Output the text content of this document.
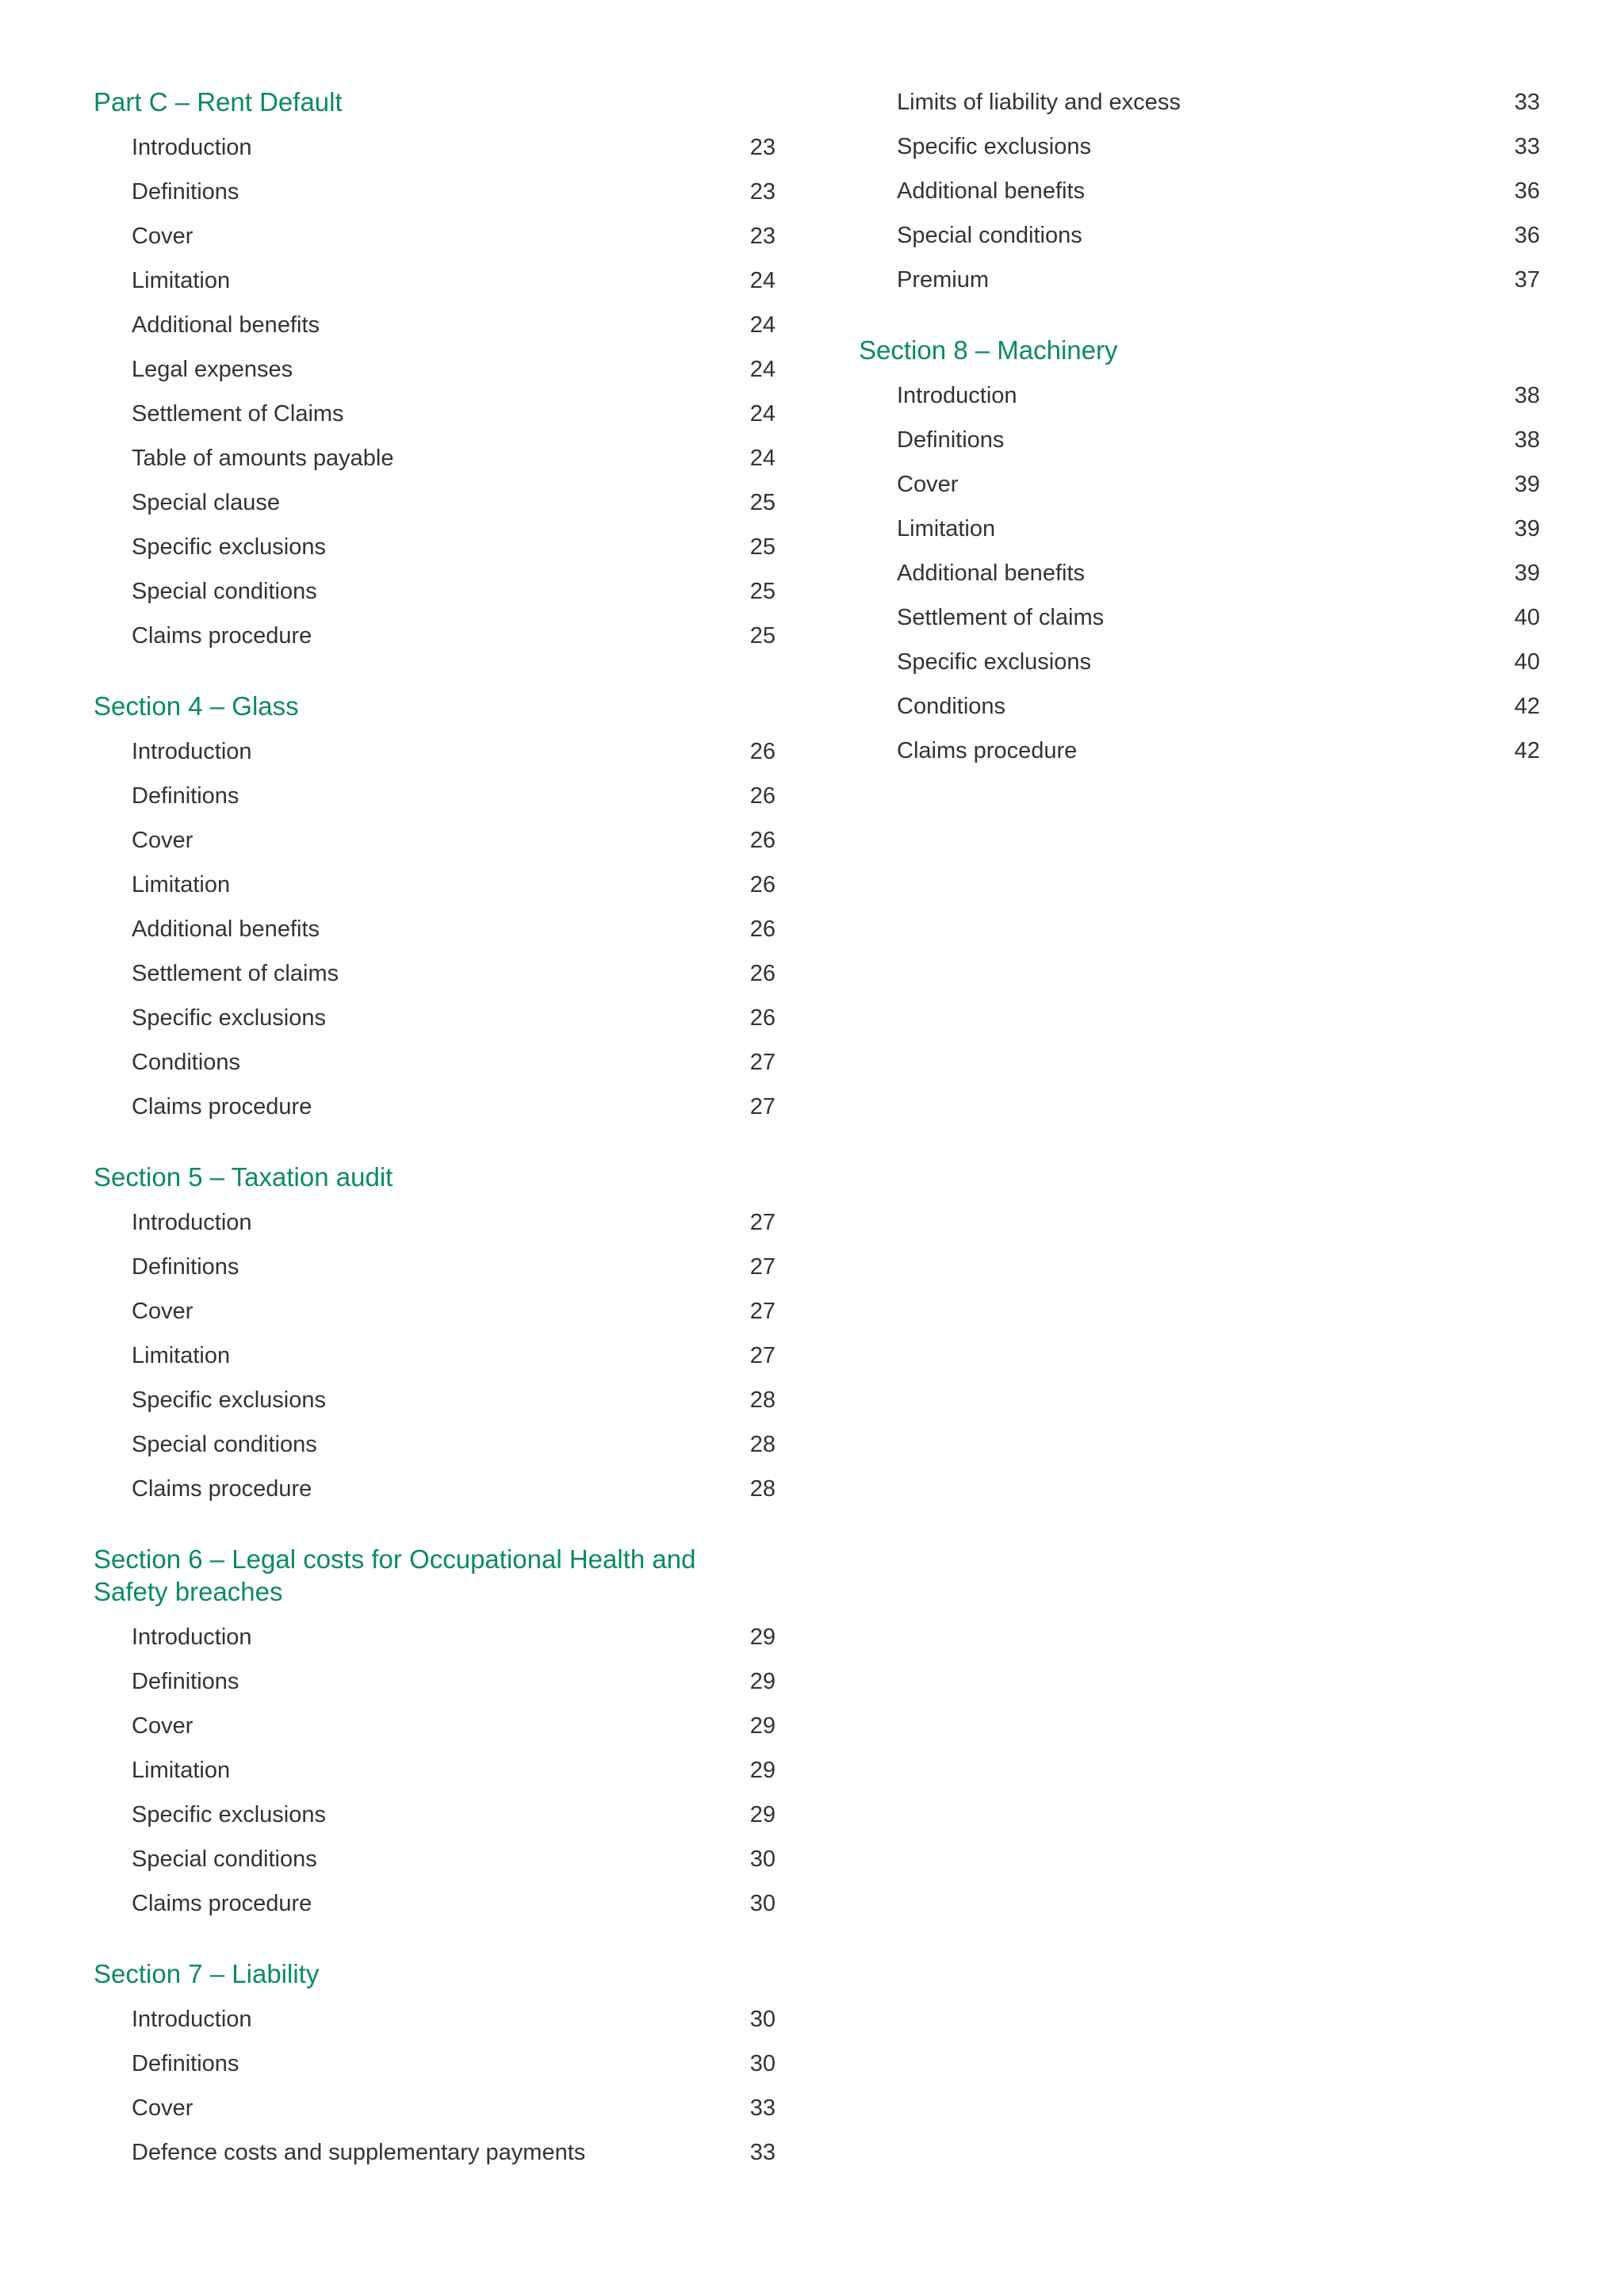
Part C – Rent Default
Introduction	23
Definitions	23
Cover	23
Limitation	24
Additional benefits	24
Legal expenses	24
Settlement of Claims	24
Table of amounts payable	24
Special clause	25
Specific exclusions	25
Special conditions	25
Claims procedure	25
Section 4 – Glass
Introduction	26
Definitions	26
Cover	26
Limitation	26
Additional benefits	26
Settlement of claims	26
Specific exclusions	26
Conditions	27
Claims procedure	27
Section 5 – Taxation audit
Introduction	27
Definitions	27
Cover	27
Limitation	27
Specific exclusions	28
Special conditions	28
Claims procedure	28
Section 6 – Legal costs for Occupational Health and Safety breaches
Introduction	29
Definitions	29
Cover	29
Limitation	29
Specific exclusions	29
Special conditions	30
Claims procedure	30
Section 7 – Liability
Introduction	30
Definitions	30
Cover	33
Defence costs and supplementary payments	33
Limits of liability and excess	33
Specific exclusions	33
Additional benefits	36
Special conditions	36
Premium	37
Section 8 – Machinery
Introduction	38
Definitions	38
Cover	39
Limitation	39
Additional benefits	39
Settlement of claims	40
Specific exclusions	40
Conditions	42
Claims procedure	42
